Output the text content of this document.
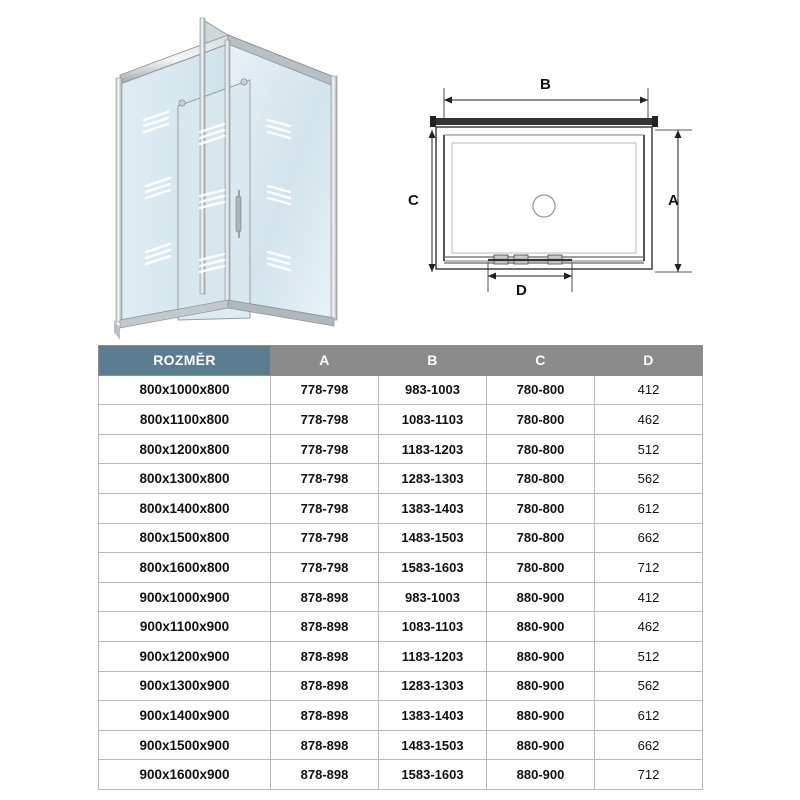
B
C	A
D
ROZMĚR	A	B	C	D
800x1000x800	778-798	983-1003	780-800	412
800x1100x800	778-798	1083-1103	780-800	462
800x1200x800	778-798	1183-1203	780-800	512
800x1300x800	778-798	1283-1303	780-800	562
800x1400x800	778-798	1383-1403	780-800	612
800x1500x800	778-798	1483-1503	780-800	662
800x1600x800	778-798	1583-1603	780-800	712
900x1000x900	878-898	983-1003	880-900	412
900x1100x900	878-898	1083-1103	880-900	462
900x1200x900	878-898	1183-1203	880-900	512
900x1300x900	878-898	1283-1303	880-900	562
900x1400x900	878-898	1383-1403	880-900	612
900x1500x900	878-898	1483-1503	880-900	662
900x1600x900	878-898	1583-1603	880-900	712
